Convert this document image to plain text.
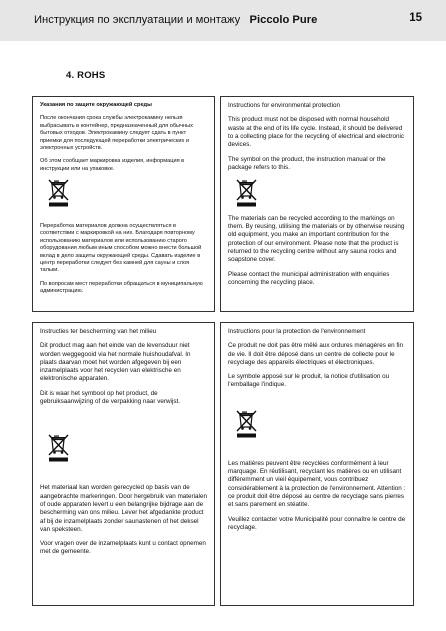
Инструкция по эксплуатации и монтажу Piccolo Pure	15
4. ROHS
Указания по защите окружающей среды
После окончания срока службы электрокамину нельзя выбрасывать в контейнер, предназначенный для обычных бытовых отходов. Электрокамину следует сдать в пункт приемки для последующей переработки электрических и электронных устройств.
Об этом сообщает маркировка изделия, информация в инструкции или на упаковке.
Переработка материалов должна осуществляться в соответствии с маркировкой на них. Благодаря повторному использованию материалов или использованию старого оборудования любым иным способом можно внести большой вклад в дело защиты окружающей среды. Сдавать изделие в центр переработки следует без камней для сауны и слоя тальки.
По вопросам мест переработки обращаться в муниципальную администрацию.
Instructions for environmental protection
This product must not be disposed with normal household waste at the end of its life cycle. Instead, it should be delivered to a collecting place for the recycling of electrical and electronic devices.
The symbol on the product, the instruction manual or the package refers to this.
The materials can be recycled according to the markings on them. By reusing, utilising the materials or by otherwise reusing old equipment, you make an important contribution for the protection of our environment. Please note that the product is returned to the recycling centre without any sauna rocks and soapstone cover.
Please contact the municipal administration with enquiries concerning the recycling place.
Instructies ter bescherming van het milieu
Dit product mag aan het einde van de levensduur niet worden weggegooid via het normale huishoudafval. In plaats daarvan moet het worden afgegeven bij een inzamelplaats voor het recyclen van elektrische en elektronische apparaten.
Dit is waar het symbool op het product, de gebruiksaanwijzing of de verpakking naar verwijst.
Het materiaal kan worden gerecycled op basis van de aangebrachte markeringen. Door hergebruik van materialen of oude apparaten levert u een belangrijke bijdrage aan de bescherming van ons milieu. Lever het afgedankte product af bij de inzamelplaats zonder saunastenen of het deksel van speksteen.
Voor vragen over de inzamelplaats kunt u contact opnemen met de gemeente.
Instructions pour la protection de l'environnement
Ce produit ne doit pas être mêlé aux ordures ménagères en fin de vie. Il doit être déposé dans un centre de collecte pour le recyclage des appareils électriques et électroniques.
Le symbole apposé sur le produit, la notice d'utilisation ou l'emballage l'indique.
Les matières peuvent être recyclées conformément à leur marquage. En réutilisant, recyclant les matières ou en utilisant différemment un vieil équipement, vous contribuez considérablement à la protection de l'environnement. Attention : ce produit doit être déposé au centre de recyclage sans pierres et sans parement en stéatite.
Veuillez contacter votre Municipalité pour connaître le centre de recyclage.
